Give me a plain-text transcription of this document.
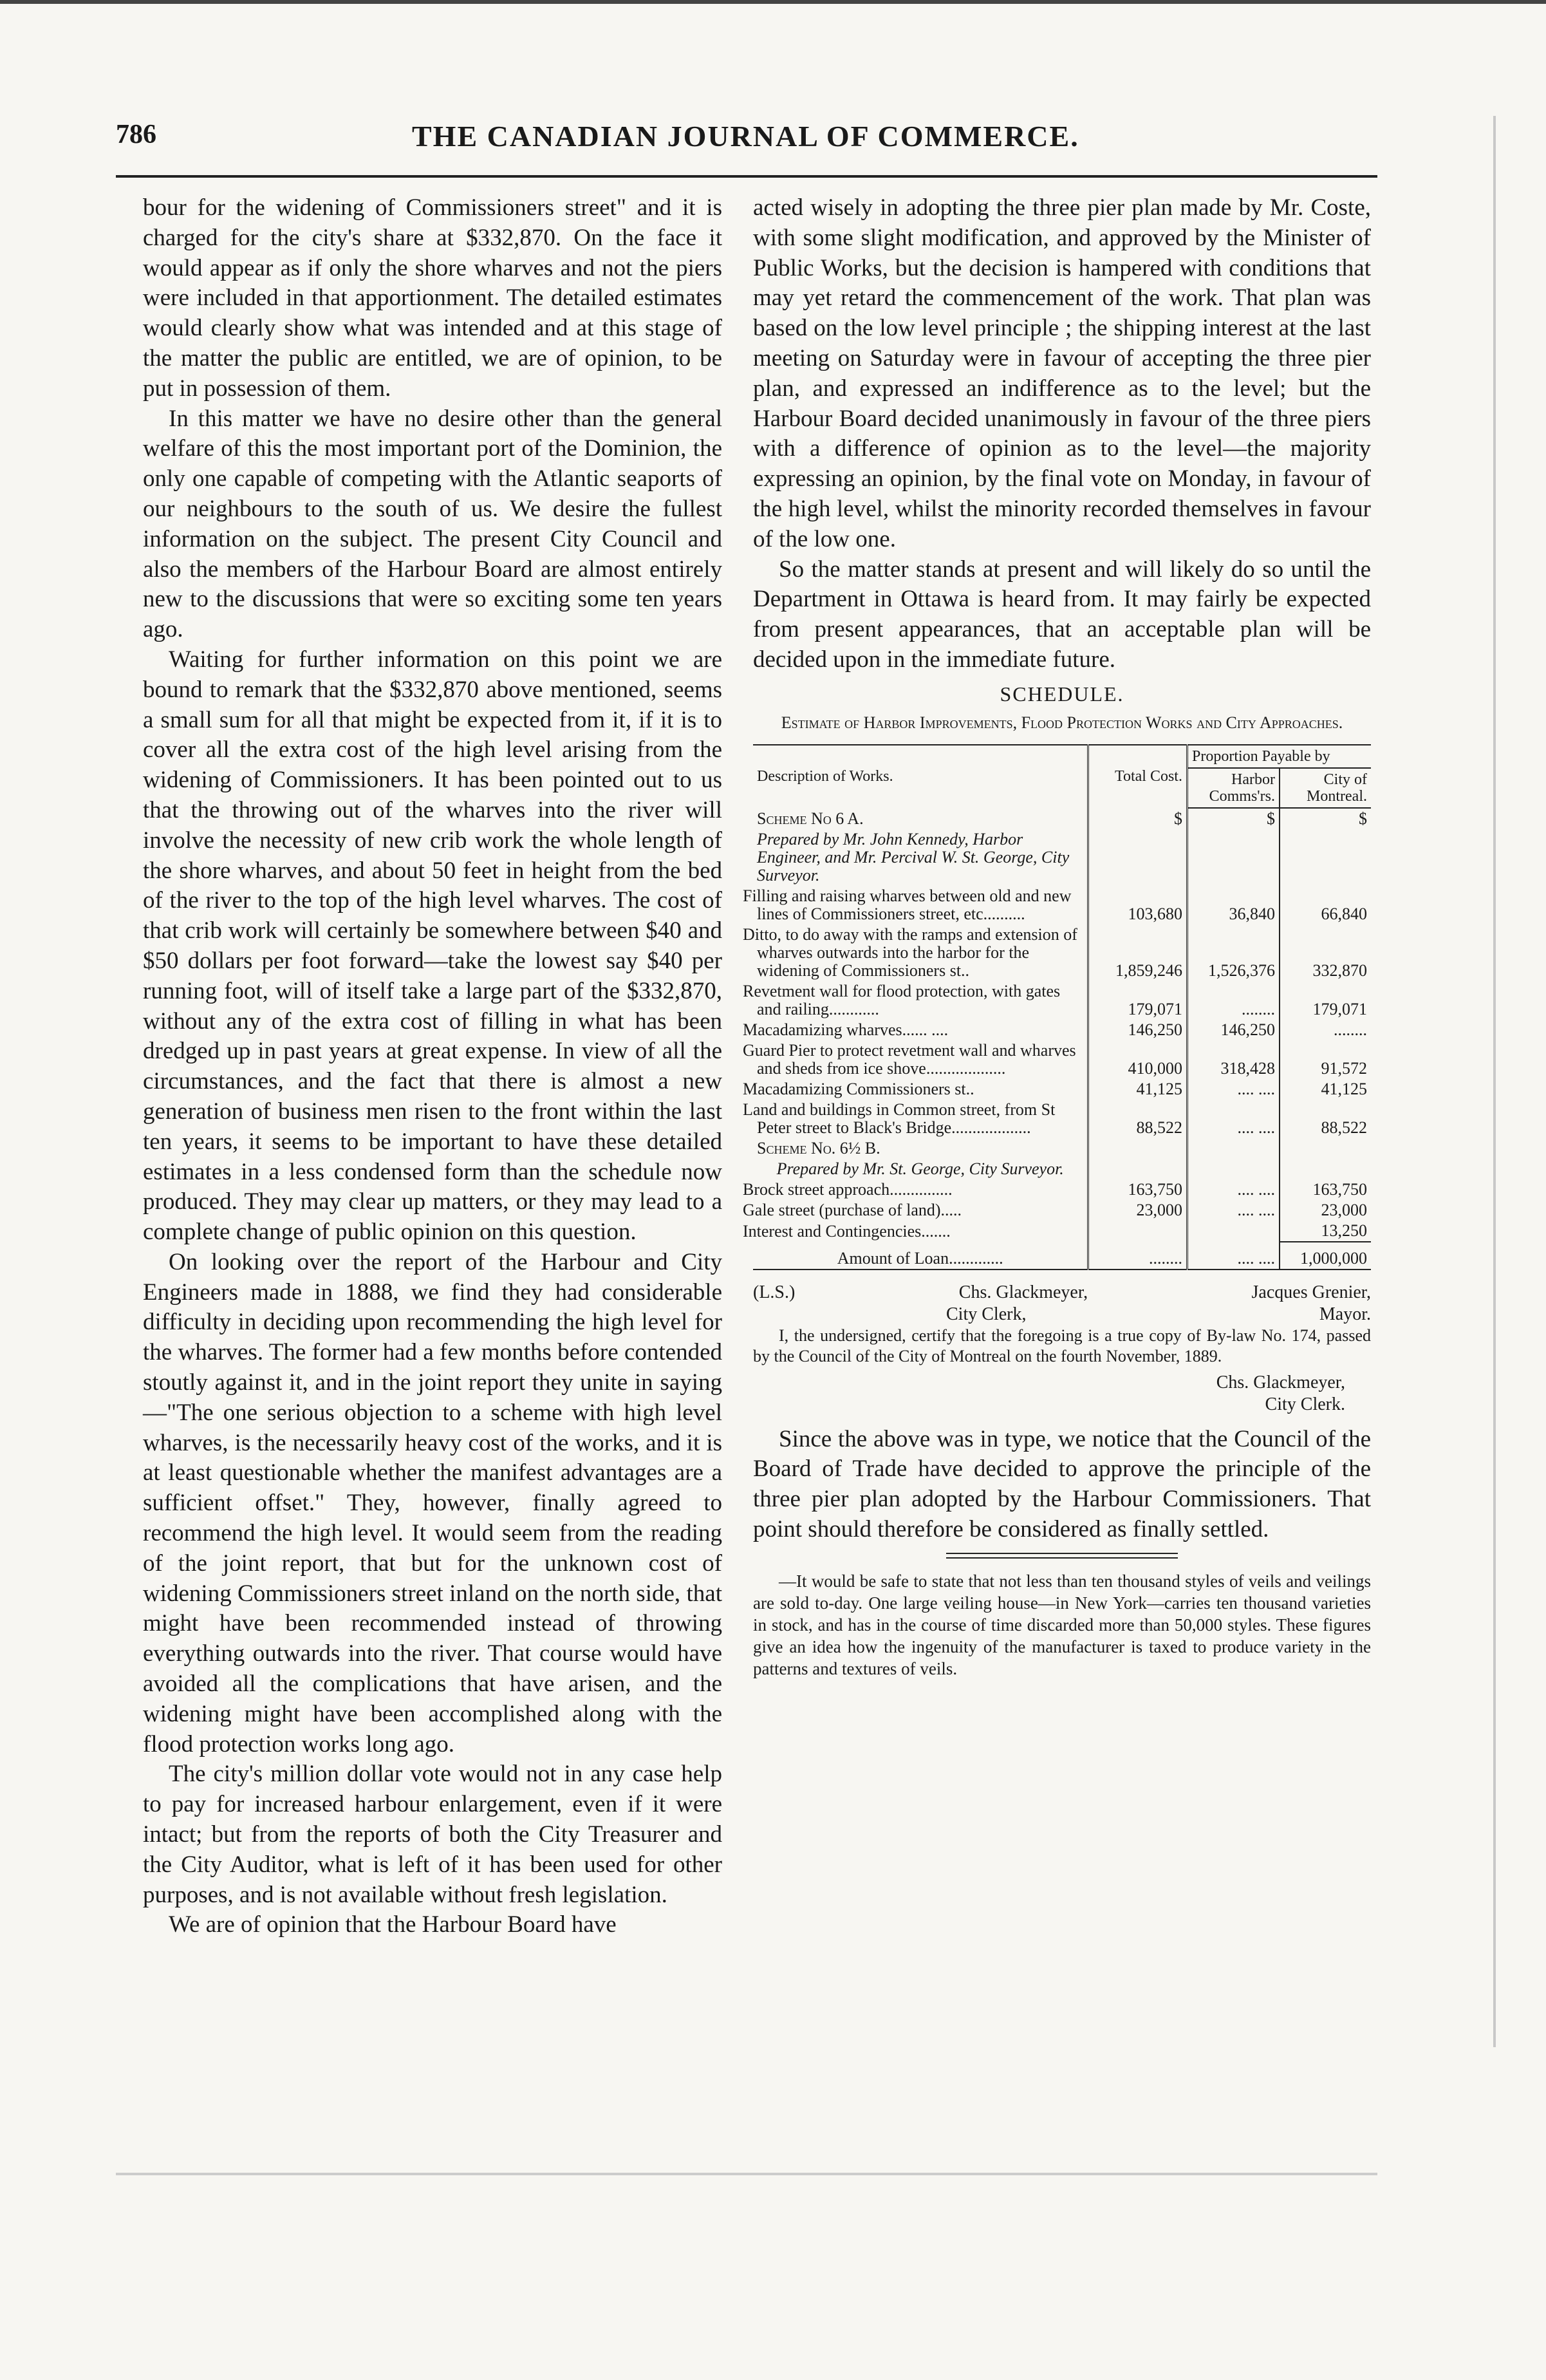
786	THE CANADIAN JOURNAL OF COMMERCE.

bour for the widening of Commissioners street" and it is charged for the city's share at $332,870. On the face it would appear as if only the shore wharves and not the piers were included in that apportionment. The detailed estimates would clearly show what was intended and at this stage of the matter the public are entitled, we are of opinion, to be put in possession of them.

In this matter we have no desire other than the general welfare of this the most important port of the Dominion, the only one capable of competing with the Atlantic seaports of our neighbours to the south of us. We desire the fullest information on the subject. The present City Council and also the members of the Harbour Board are almost entirely new to the discussions that were so exciting some ten years ago.

Waiting for further information on this point we are bound to remark that the $332,870 above mentioned, seems a small sum for all that might be expected from it, if it is to cover all the extra cost of the high level arising from the widening of Commissioners. It has been pointed out to us that the throwing out of the wharves into the river will involve the necessity of new crib work the whole length of the shore wharves, and about 50 feet in height from the bed of the river to the top of the high level wharves. The cost of that crib work will certainly be somewhere between $40 and $50 dollars per foot forward—take the lowest say $40 per running foot, will of itself take a large part of the $332,870, without any of the extra cost of filling in what has been dredged up in past years at great expense. In view of all the circumstances, and the fact that there is almost a new generation of business men risen to the front within the last ten years, it seems to be important to have these detailed estimates in a less condensed form than the schedule now produced. They may clear up matters, or they may lead to a complete change of public opinion on this question.

On looking over the report of the Harbour and City Engineers made in 1888, we find they had considerable difficulty in deciding upon recommending the high level for the wharves. The former had a few months before contended stoutly against it, and in the joint report they unite in saying—"The one serious objection to a scheme with high level wharves, is the necessarily heavy cost of the works, and it is at least questionable whether the manifest advantages are a sufficient offset." They, however, finally agreed to recommend the high level. It would seem from the reading of the joint report, that but for the unknown cost of widening Commissioners street inland on the north side, that might have been recommended instead of throwing everything outwards into the river. That course would have avoided all the complications that have arisen, and the widening might have been accomplished along with the flood protection works long ago.

The city's million dollar vote would not in any case help to pay for increased harbour enlargement, even if it were intact; but from the reports of both the City Treasurer and the City Auditor, what is left of it has been used for other purposes, and is not available without fresh legislation.

We are of opinion that the Harbour Board have

acted wisely in adopting the three pier plan made by Mr. Coste, with some slight modification, and approved by the Minister of Public Works, but the decision is hampered with conditions that may yet retard the commencement of the work. That plan was based on the low level principle ; the shipping interest at the last meeting on Saturday were in favour of accepting the three pier plan, and expressed an indifference as to the level; but the Harbour Board decided unanimously in favour of the three piers with a difference of opinion as to the level—the majority expressing an opinion, by the final vote on Monday, in favour of the high level, whilst the minority recorded themselves in favour of the low one.

So the matter stands at present and will likely do so until the Department in Ottawa is heard from. It may fairly be expected from present appearances, that an acceptable plan will be decided upon in the immediate future.

SCHEDULE.
Estimate of Harbor Improvements, Flood Protection Works and City Approaches.
Description of Works.	Total Cost.	Proportion Payable by	
		Harbor Comms'rs.	City of Montreal.
Scheme No 6 A.	$	$	$
Prepared by Mr. John Kennedy, Harbor Engineer, and Mr. Percival W. St. George, City Surveyor.			
Filling and raising wharves between old and new lines of Commissioners street, etc..........	103,680	36,840	66,840
Ditto, to do away with the ramps and extension of wharves outwards into the harbor for the widening of Commissioners st..	1,859,246	1,526,376	332,870
Revetment wall for flood protection, with gates and railing............	179,071	........	179,071
Macadamizing wharves...... ....	146,250	146,250	........
Guard Pier to protect revetment wall and wharves and sheds from ice shove...................	410,000	318,428	91,572
Macadamizing Commissioners st..	41,125	.... ....	41,125
Land and buildings in Common street, from St Peter street to Black's Bridge...................	88,522	.... ....	88,522
Scheme No. 6½ B.			
Prepared by Mr. St. George, City Surveyor.			
Brock street approach...............	163,750	.... ....	163,750
Gale street (purchase of land).....	23,000	.... ....	23,000
Interest and Contingencies.......			13,250
Amount of Loan.............	........	.... ....	1,000,000
(L.S.)	Chs. Glackmeyer,	Jacques Grenier,
City Clerk,	Mayor.

I, the undersigned, certify that the foregoing is a true copy of By-law No. 174, passed by the Council of the City of Montreal on the fourth November, 1889.

Chs. Glackmeyer,
City Clerk.

Since the above was in type, we notice that the Council of the Board of Trade have decided to approve the principle of the three pier plan adopted by the Harbour Commissioners. That point should therefore be considered as finally settled.

—It would be safe to state that not less than ten thousand styles of veils and veilings are sold to-day. One large veiling house—in New York—carries ten thousand varieties in stock, and has in the course of time discarded more than 50,000 styles. These figures give an idea how the ingenuity of the manufacturer is taxed to produce variety in the patterns and textures of veils.
